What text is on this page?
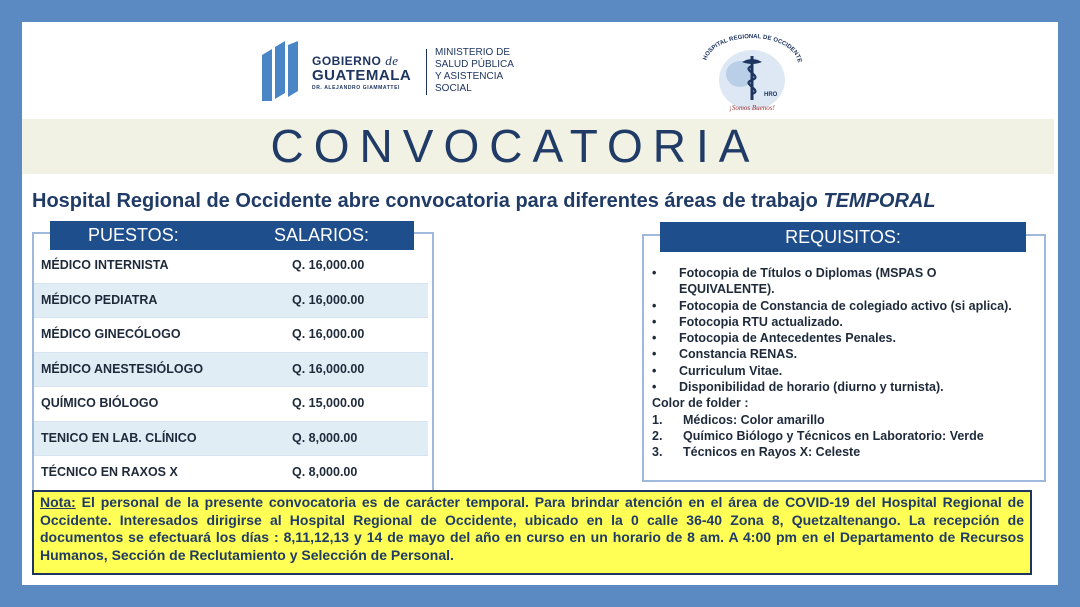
GOBIERNO de
GUATEMALA
DR. ALEJANDRO GIAMMATTEI
MINISTERIO DE
SALUD PÚBLICA
Y ASISTENCIA
SOCIAL
HOSPITAL REGIONAL DE OCCIDENTE
HRO
¡Somos Buenos!
CONVOCATORIA
Hospital Regional de Occidente abre convocatoria para diferentes áreas de trabajo TEMPORAL
PUESTOS:	SALARIOS:
MÉDICO INTERNISTA	Q. 16,000.00
MÉDICO PEDIATRA	Q. 16,000.00
MÉDICO GINECÓLOGO	Q. 16,000.00
MÉDICO ANESTESIÓLOGO	Q. 16,000.00
QUÍMICO BIÓLOGO	Q. 15,000.00
TENICO EN LAB. CLÍNICO	Q. 8,000.00
TÉCNICO EN RAXOS X	Q. 8,000.00
REQUISITOS:
• Fotocopia de Títulos o Diplomas (MSPAS O EQUIVALENTE).
• Fotocopia de Constancia de colegiado activo (si aplica).
• Fotocopia RTU actualizado.
• Fotocopia de Antecedentes Penales.
• Constancia RENAS.
• Curriculum Vitae.
• Disponibilidad de horario (diurno y turnista).
Color de folder :
1. Médicos: Color amarillo
2. Químico Biólogo y Técnicos en Laboratorio: Verde
3. Técnicos en Rayos X: Celeste
Nota: El personal de la presente convocatoria es de carácter temporal. Para brindar atención en el área de COVID-19 del Hospital Regional de Occidente. Interesados dirigirse al Hospital Regional de Occidente, ubicado en la 0 calle 36-40 Zona 8, Quetzaltenango. La recepción de documentos se efectuará los días : 8,11,12,13 y 14 de mayo del año en curso en un horario de 8 am. A 4:00 pm en el Departamento de Recursos Humanos, Sección de Reclutamiento y Selección de Personal.
